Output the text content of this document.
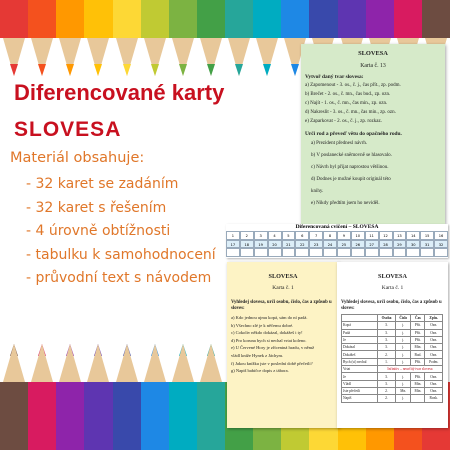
Diferencované karty
SLOVESA
Materiál obsahuje:
- 32 karet se zadáním
- 32 karet s řešením
- 4 úrovně obtížnosti
- tabulku k samohodnocení
- průvodní text s návodem
SLOVESA
Karta č. 13
Vytvoř daný tvar slovesa:
a) Zapomenout - 3. os., č. j., čas přít., zp. podm.
b) Brečet - 2. os., č. mn., čas bud., zp. ozn.
c) Najít - 1. os., č. mn., čas min., zp. ozn.
d) Nakreslit - 3. os., č. mn., čas min., zp. ozn.
e) Zaparkovat - 2. os., č. j., zp. rozkaz.
Urči rod a převeď větu do opačného rodu.
a) Prezident přednesl návrh.
b) V poslanecké sněmovně se hlasovalo.
c) Návrh byl přijat naprostou většinou.
d) Dodnes je možné koupit originál této
knihy.
e) Nikdy předtím jsem ho neviděl.
Diferencovaná cvičení – SLOVESA
1	2	3	4	5	6	7	8	9	10	11	12	13	14	15	16
17	18	19	20	21	22	23	24	25	26	27	28	29	30	31	32
SLOVESA
Karta č. 1
Vyhledej slovesa, urči osobu, číslo, čas a způsob u sloves:
a) Kdo jednou ujmu kopá, sám do ní padá.
b) Všechno zlé je k něčemu dobré.
c) Cokoliv někdo dokázal, dokážeš i ty!
d) Pro koruna bych si nechal vrtat koleno.
e) U Červené Hory je zříceniná hradu, v němž
vládl kníže Hynek z Jáchym.
f) Jakou knížku jste v poslední době přečetli?
g) Napiš babičce dopis z tábora.
SLOVESA
Karta č. 1
Vyhledej slovesa, urči osobu, číslo, čas a způsob u sloves:
	Osoba	Číslo	Čas	Způs.
Kopá	3.	j.	Přít.	Ozn.
Padá	3.	j.	Přít.	Ozn.
Je	3.	j.	Přít.	Ozn.
Dokázal	3.	j.	Min.	Ozn.
Dokážeš	2.	j.	Bud.	Ozn.
Bych (si) nechal	1.	j.	Přít.	Podm.
Vrtat	Infinitiv – neurčitý tvar slovesa			
Je	3.	j.	Přít.	Ozn.
Vládl	3.	j.	Min.	Ozn.
Jste přečetli	2.	Mn.	Min.	Ozn.
Napiš	2.	j.		Rozk.
